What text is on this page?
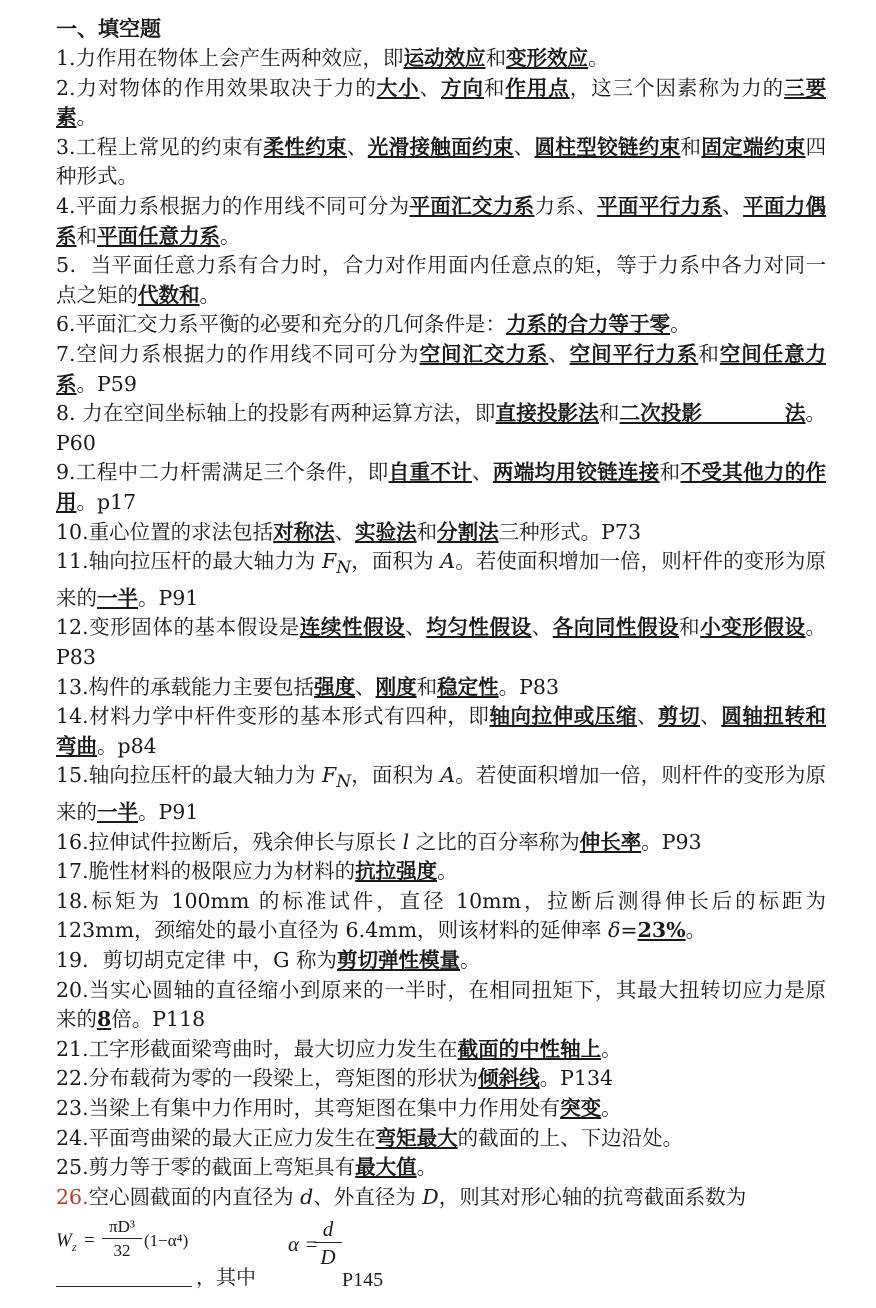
一、填空题

1.力作用在物体上会产生两种效应，即运动效应和变形效应。

2.力对物体的作用效果取决于力的大小、方向和作用点，这三个因素称为力的三要素。

3.工程上常见的约束有柔性约束、光滑接触面约束、圆柱型铰链约束和固定端约束四种形式。

4.平面力系根据力的作用线不同可分为平面汇交力系力系、平面平行力系、平面力偶系和平面任意力系。

5．当平面任意力系有合力时，合力对作用面内任意点的矩，等于力系中各力对同一点之矩的代数和。

6.平面汇交力系平衡的必要和充分的几何条件是：力系的合力等于零。

7.空间力系根据力的作用线不同可分为空间汇交力系、空间平行力系和空间任意力系。P59

8. 力在空间坐标轴上的投影有两种运算方法，即直接投影法和二次投影　　　　法。P60

9.工程中二力杆需满足三个条件，即自重不计、两端均用铰链连接和不受其他力的作用。p17

10.重心位置的求法包括对称法、实验法和分割法三种形式。P73

11.轴向拉压杆的最大轴力为 $F_N$，面积为 A。若使面积增加一倍，则杆件的变形为原来的一半。P91

12.变形固体的基本假设是连续性假设、均匀性假设、各向同性假设和小变形假设。P83

13.构件的承载能力主要包括强度、刚度和稳定性。P83

14.材料力学中杆件变形的基本形式有四种，即轴向拉伸或压缩、剪切、圆轴扭转和弯曲。p84

15.轴向拉压杆的最大轴力为 $F_N$，面积为 A。若使面积增加一倍，则杆件的变形为原来的一半。P91

16.拉伸试件拉断后，残余伸长与原长 l 之比的百分率称为伸长率。P93

17.脆性材料的极限应力为材料的抗拉强度。

18.标矩为 100mm 的标准试件，直径 10mm，拉断后测得伸长后的标距为 123mm，颈缩处的最小直径为 6.4mm，则该材料的延伸率 δ=23%。

19．剪切胡克定律 中，G 称为剪切弹性模量。

20.当实心圆轴的直径缩小到原来的一半时，在相同扭矩下，其最大扭转切应力是原来的8倍。P118

21.工字形截面梁弯曲时，最大切应力发生在截面的中性轴上。

22.分布载荷为零的一段梁上，弯矩图的形状为倾斜线。P134

23.当梁上有集中力作用时，其弯矩图在集中力作用处有突变。

24.平面弯曲梁的最大正应力发生在弯矩最大的截面的上、下边沿处。

25.剪力等于零的截面上弯矩具有最大值。

26.空心圆截面的内直径为 d、外直径为 D，则其对形心轴的抗弯截面系数为

$W_z = \frac{\text{πD³}}{32} (1-\alpha^4)$
，其中
α =
$\frac{d}{D}$
P145
